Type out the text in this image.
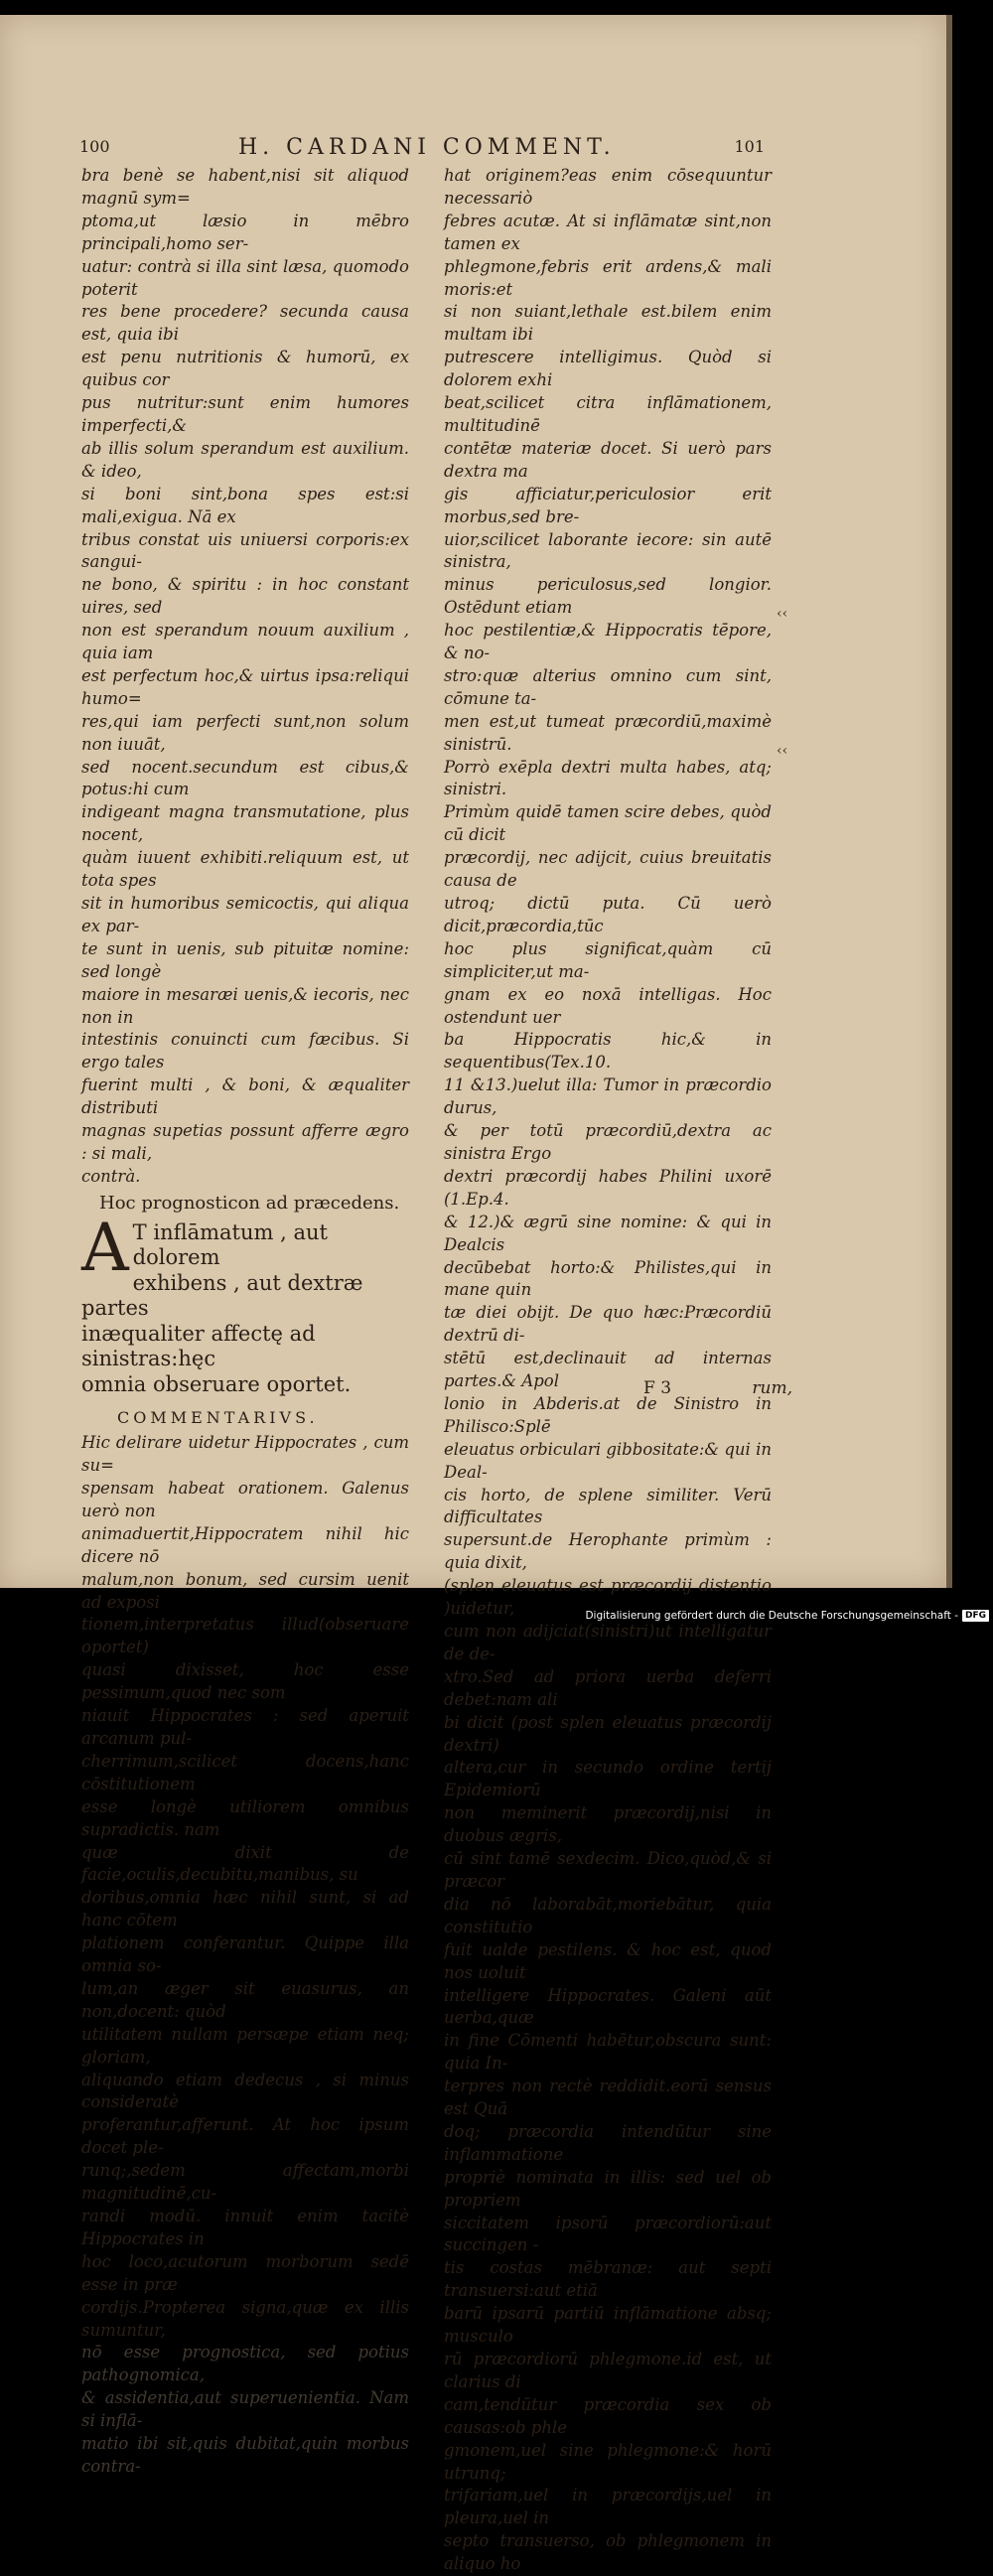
100	H. CARDANI COMMENT.	101

bra benè se habent,nisi sit aliquod magnū sym=
ptoma,ut læsio in mēbro principali,homo ser-
uatur: contrà si illa sint læsa, quomodo poterit
res bene procedere? secunda causa est, quia ibi
est penu nutritionis & humorū, ex quibus cor
pus nutritur:sunt enim humores imperfecti,&
ab illis solum sperandum est auxilium. & ideo,
si boni sint,bona spes est:si mali,exigua. Nā ex
tribus constat uis uniuersi corporis:ex sangui-
ne bono, & spiritu : in hoc constant uires, sed
non est sperandum nouum auxilium , quia iam
est perfectum hoc,& uirtus ipsa:reliqui humo=
res,qui iam perfecti sunt,non solum non iuuāt,
sed nocent.secundum est cibus,& potus:hi cum
indigeant magna transmutatione, plus nocent,
quàm iuuent exhibiti.reliquum est, ut tota spes
sit in humoribus semicoctis, qui aliqua ex par-
te sunt in uenis, sub pituitæ nomine: sed longè
maiore in mesaræi uenis,& iecoris, nec non in
intestinis conuincti cum fæcibus. Si ergo tales
fuerint multi , & boni, & æqualiter distributi
magnas supetias possunt afferre ægro : si mali,
contrà.

Hoc prognosticon ad præcedens.
A T inflāmatum , aut dolorem
exhibens , aut dextræ partes
inæqualiter affectę ad sinistras:hęc
omnia obseruare oportet.

COMMENTARIVS.

Hic delirare uidetur Hippocrates , cum su=
spensam habeat orationem. Galenus uerò non
animaduertit,Hippocratem nihil hic dicere nō
malum,non bonum, sed cursim uenit ad exposi
tionem,interpretatus illud(obseruare oportet)
quasi dixisset, hoc esse pessimum,quod nec som
niauit Hippocrates : sed aperuit arcanum pul-
cherrimum,scilicet docens,hanc cōstitutionem
esse longè utiliorem omnibus supradictis. nam
quæ dixit de facie,oculis,decubitu,manibus, su
doribus,omnia hæc nihil sunt, si ad hanc cōtem
plationem conferantur. Quippe illa omnia so-
lum,an æger sit euasurus, an non,docent: quòd
utilitatem nullam persæpe etiam neq; gloriam,
aliquando etiam dedecus , si minus consideratè
proferantur,afferunt. At hoc ipsum docet ple-
runq;,sedem affectam,morbi magnitudinē,cu-
randi modū. innuit enim tacitè Hippocrates in
hoc loco,acutorum morborum sedē esse in præ
cordijs.Propterea signa,quæ ex illis sumuntur,
nō esse prognostica, sed potius pathognomica,
& assidentia,aut superuenientia. Nam si inflā-
matio ibi sit,quis dubitat,quin morbus contra-

hat originem?eas enim cōsequuntur necessariò
febres acutæ. At si inflāmatæ sint,non tamen ex
phlegmone,febris erit ardens,& mali moris:et
si non suiant,lethale est.bilem enim multam ibi
putrescere intelligimus. Quòd si dolorem exhi
beat,scilicet citra inflāmationem, multitudinē
contētæ materiæ docet. Si uerò pars dextra ma
gis afficiatur,periculosior erit morbus,sed bre-
uior,scilicet laborante iecore: sin autē sinistra,
minus periculosus,sed longior. Ostēdunt etiam
hoc pestilentiæ,& Hippocratis tēpore, & no-
stro:quæ alterius omnino cum sint, cōmune ta-
men est,ut tumeat præcordiū,maximè sinistrū.
Porrò exēpla dextri multa habes, atq; sinistri.
Primùm quidē tamen scire debes, quòd cū dicit
præcordij, nec adijcit, cuius breuitatis causa de
utroq; dictū puta. Cū uerò dicit,præcordia,tūc
hoc plus significat,quàm cū simpliciter,ut ma-
gnam ex eo noxā intelligas. Hoc ostendunt uer
ba Hippocratis hic,& in sequentibus(Tex.10.
11 &13.)uelut illa: Tumor in præcordio durus,
& per totū præcordiū,dextra ac sinistra Ergo
dextri præcordij habes Philini uxorē (1.Ep.4.
& 12.)& ægrū sine nomine: & qui in Dealcis
decūbebat horto:& Philistes,qui in mane quin
tæ diei obijt. De quo hæc:Præcordiū dextrū di-
stētū est,declinauit ad internas partes.& Apol
lonio in Abderis.at de Sinistro in Philisco:Splē
eleuatus orbiculari gibbositate:& qui in Deal-
cis horto, de splene similiter. Verū difficultates
supersunt.de Herophante primùm : quia dixit,
(splen eleuatus est præcordij distentio )uidetur,
cum non adijciat(sinistri)ut intelligatur de de-
xtro.Sed ad priora uerba deferri debet:nam ali
bi dicit (post splen eleuatus præcordij dextri)
altera,cur in secundo ordine tertij Epidemiorū
non meminerit præcordij,nisi in duobus ægris,
cū sint tamē sexdecim. Dico,quòd,& si præcor
dia nō laborabāt,moriebātur, quia constitutio
fuit ualde pestilens. & hoc est, quod nos uoluit
intelligere Hippocrates. Galeni aūt uerba,quæ
in fine Cōmenti habētur,obscura sunt: quia In-
terpres non rectè reddidit.eorū sensus est Quā
doq; præcordia intendūtur sine inflammatione
propriè nominata in illis: sed uel ob propriem
siccitatem ipsorū præcordiorū:aut succingen -
tis costas mēbranæ: aut septi transuersi:aut etiā
barū ipsarū partiū inflāmatione absq; musculo
rū præcordiorū phlegmone.id est, ut clarius di
cam,tendūtur præcordia sex ob causas:ob phle
gmonem,uel sine phlegmone:& horū utrunq;
trifariam,uel in præcordijs,uel in pleura,uel in
septo transuerso, ob phlegmonem in aliquo ho

‹‹
‹‹
F 3	rum,
Digitalisierung gefördert durch die Deutsche Forschungsgemeinschaft - DFG
